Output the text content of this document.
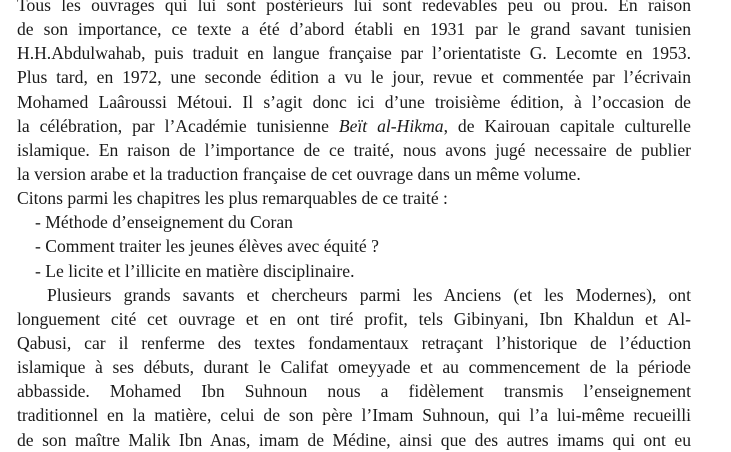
Tous les ouvrages qui lui sont postérieurs lui sont redevables peu ou prou. En raison
de son importance, ce texte a été d’abord établi en 1931 par le grand savant tunisien
H.H.Abdulwahab, puis traduit en langue française par l’orientatiste G. Lecomte en 1953.
Plus tard, en 1972, une seconde édition a vu le jour, revue et commentée par l’écrivain
Mohamed Laâroussi Métoui. Il s’agit donc ici d’une troisième édition, à l’occasion de
la célébration, par l’Académie tunisienne Beït al-Hikma, de Kairouan capitale culturelle
islamique. En raison de l’importance de ce traité, nous avons jugé necessaire de publier
la version arabe et la traduction française de cet ouvrage dans un même volume.
Citons parmi les chapitres les plus remarquables de ce traité :
- Méthode d’enseignement du Coran
- Comment traiter les jeunes élèves avec équité ?
- Le licite et l’illicite en matière disciplinaire.
Plusieurs grands savants et chercheurs parmi les Anciens (et les Modernes), ont
longuement cité cet ouvrage et en ont tiré profit, tels Gibinyani, Ibn Khaldun et Al-
Qabusi, car il renferme des textes fondamentaux retraçant l’historique de l’éduction
islamique à ses débuts, durant le Califat omeyyade et au commencement de la période
abbasside. Mohamed Ibn Suhnoun nous a fidèlement transmis l’enseignement
traditionnel en la matière, celui de son père l’Imam Suhnoun, qui l’a lui-même recueilli
de son maître Malik Ibn Anas, imam de Médine, ainsi que des autres imams qui ont eu
